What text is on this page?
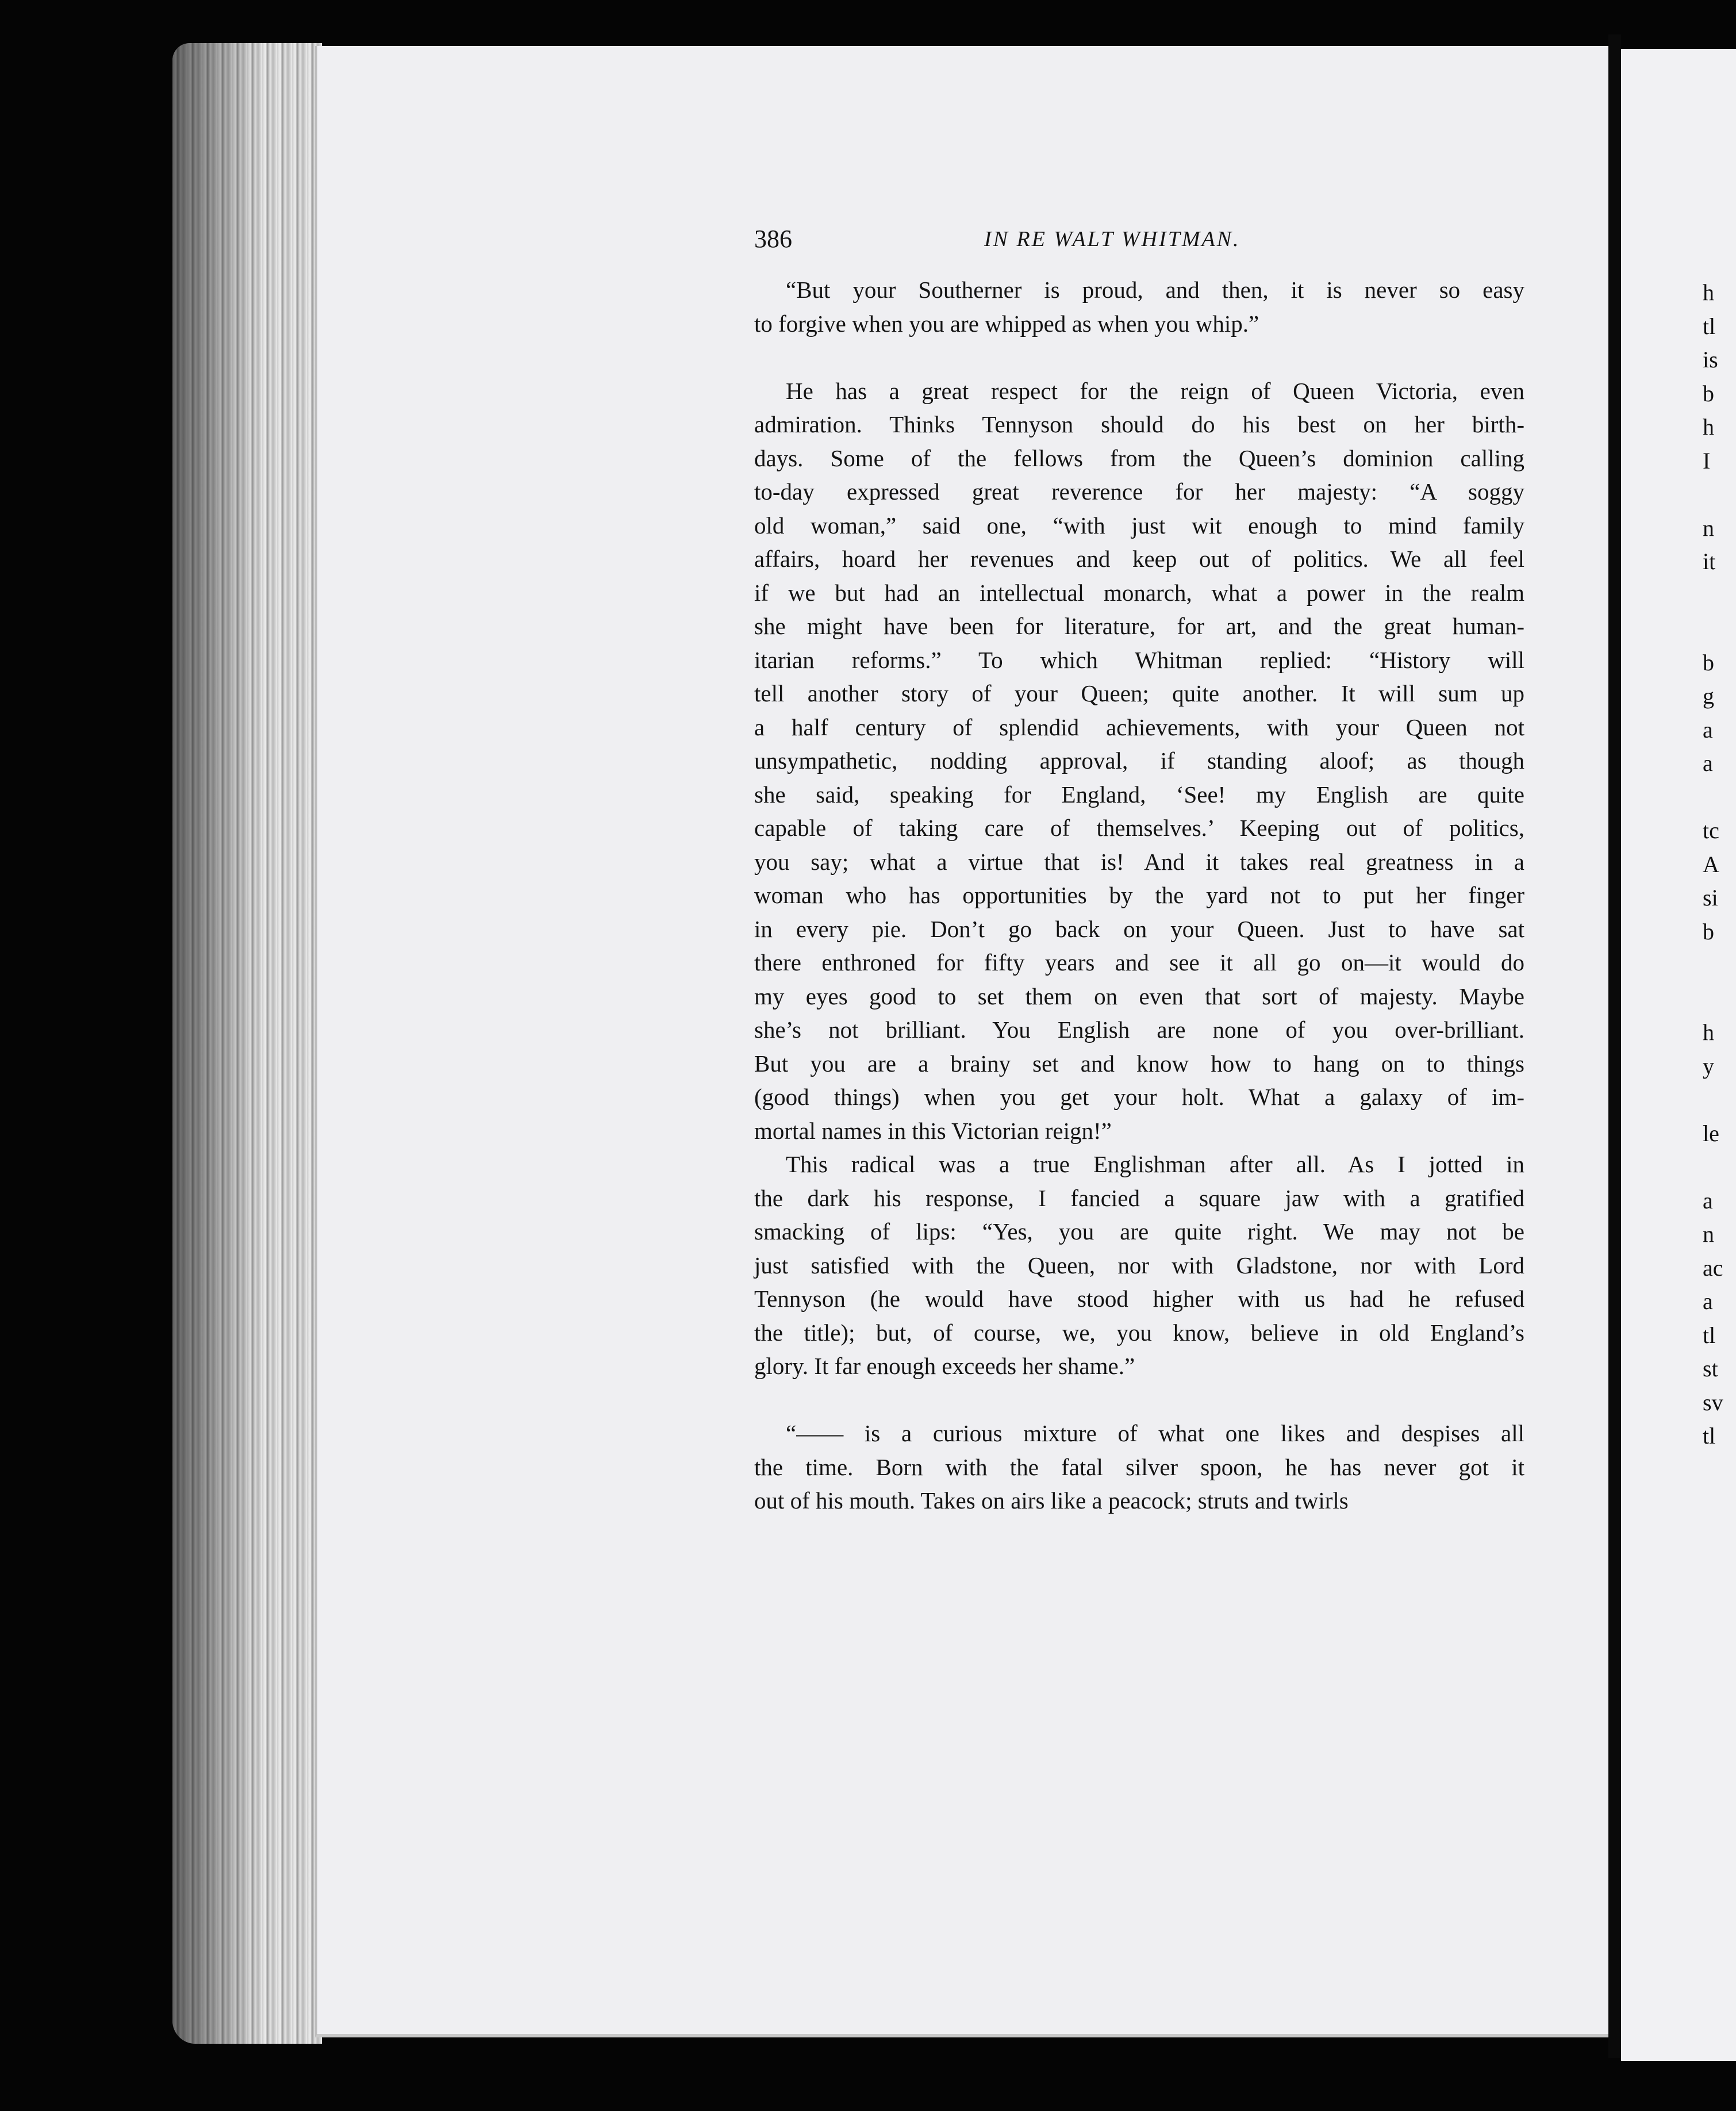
h
tl
is
b
h
I
n
it
b
g
a
a
tc
A
si
b
h
y
le
a
n
ac
a
tl
st
sv
tl
386	IN RE WALT WHITMAN.
“But your Southerner is proud, and then, it is never so easy
to forgive when you are whipped as when you whip.”
He has a great respect for the reign of Queen Victoria, even
admiration. Thinks Tennyson should do his best on her birth-
days. Some of the fellows from the Queen’s dominion calling
to-day expressed great reverence for her majesty: “A soggy
old woman,” said one, “with just wit enough to mind family
affairs, hoard her revenues and keep out of politics. We all feel
if we but had an intellectual monarch, what a power in the realm
she might have been for literature, for art, and the great human-
itarian reforms.” To which Whitman replied: “History will
tell another story of your Queen; quite another. It will sum up
a half century of splendid achievements, with your Queen not
unsympathetic, nodding approval, if standing aloof; as though
she said, speaking for England, ‘See! my English are quite
capable of taking care of themselves.’ Keeping out of politics,
you say; what a virtue that is! And it takes real greatness in a
woman who has opportunities by the yard not to put her finger
in every pie. Don’t go back on your Queen. Just to have sat
there enthroned for fifty years and see it all go on—it would do
my eyes good to set them on even that sort of majesty. Maybe
she’s not brilliant. You English are none of you over-brilliant.
But you are a brainy set and know how to hang on to things
(good things) when you get your holt. What a galaxy of im-
mortal names in this Victorian reign!”
This radical was a true Englishman after all. As I jotted in
the dark his response, I fancied a square jaw with a gratified
smacking of lips: “Yes, you are quite right. We may not be
just satisfied with the Queen, nor with Gladstone, nor with Lord
Tennyson (he would have stood higher with us had he refused
the title); but, of course, we, you know, believe in old England’s
glory. It far enough exceeds her shame.”
“—— is a curious mixture of what one likes and despises all
the time. Born with the fatal silver spoon, he has never got it
out of his mouth. Takes on airs like a peacock; struts and twirls
